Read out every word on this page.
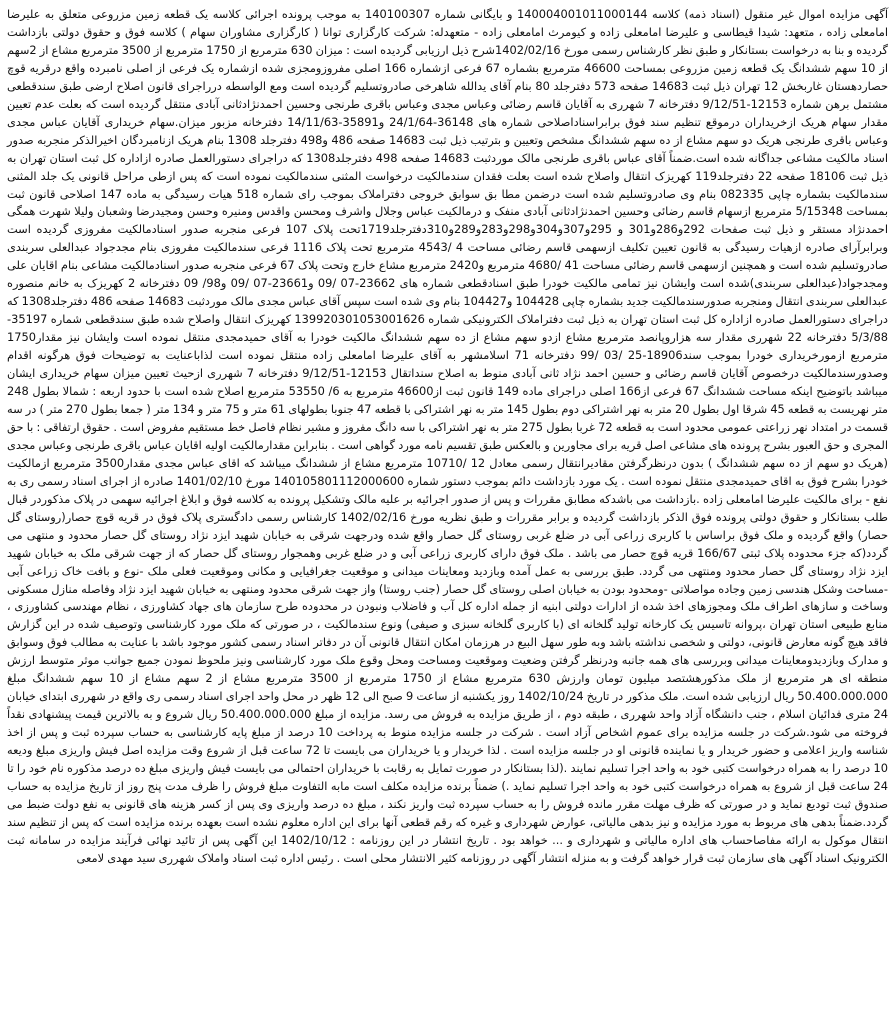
آگهی مزایده اموال غیر منقول (اسناد ذمه) کلاسه 140004001011000144 و بایگانی شماره 140100307 به موجب پرونده اجرائی کلاسه یک قطعه زمین مزروعی متعلق به علیرضا امامعلی زاده ، متعهد: شیدا قیطاسی و علیرضا امامعلی زاده و کیومرث امامعلی زاده - متعهدله: شرکت کارگزاری توانا ( کارگزاری مشاوران سهام ) کلاسه فوق و حقوق دولتی بازداشت گردیده و بنا به درخواست بستانکار و طبق نظر کارشناس رسمی مورخ 1402/02/16شرح ذیل ارزیابی گردیده است : میزان 630 مترمربع از 1750 مترمربع از 3500 مترمربع مشاع از 2سهم از 10 سهم ششدانگ یک قطعه زمین مزروعی بمساحت 46600 مترمربع بشماره 67 فرعی ازشماره 166 اصلی مفروزومجزی شده ازشماره یک فرعی از اصلی نامبرده واقع درقریه قوچ حصاردهستان غاربخش 12 تهران ذیل ثبت 14683 صفحه 573 دفترجلد 80 بنام آقای یدالله شاهرخی صادروتسلیم گردیده است ومع الواسطه درراجرای قانون اصلاح ارضی طبق سندقطعی مشتمل برهن شماره 12153-9/12/51 دفترخانه 7 شهرری به آقایان قاسم رضائی وعباس مجدی وعباس باقری طرنجی وحسین احمدنژادثانی آبادی منتقل گردیده است که بعلت عدم تعیین مقدار سهام هریک ازخریداران درموقع تنظیم سند فوق برابراسناداصلاحی شماره های 36148-24/1/64 و35891-14/11/63 دفترخانه مزبور میزان.سهام خریداری آقایان عباس مجدی وعباس باقری طرنجی هریک دو سهم مشاع از ده سهم ششدانگ مشخص وتعیین و بترتیب ذیل ثبت 14683 صفحه 486 و498 دفترجلد 1308 بنام هریک ازنامبردگان اخیرالذکر منجربه صدور اسناد مالکیت مشاعی جداگانه شده است.ضمناً آقای عباس باقری طرنجی مالک موردثبت 14683 صفحه 498 دفترجلد1308 که دراجرای دستورالعمل صادره ازاداره کل ثبت استان تهران به ذیل ثبت 18106 صفحه 22 دفترجلد119 کهریزک انتقال واصلاح شده است بعلت فقدان سندمالکیت درخواست المثنی سندمالکیت نموده است که پس ازطی مراحل قانونی یک جلد المثنی سندمالکیت بشماره چاپی 082335 بنام وی صادروتسلیم شده است درضمن مطا بق سوابق خروجی دفتراملاک بموجب رای شماره 518 هیات رسیدگی به ماده 147 اصلاحی قانون ثبت بمساحت 5/15348 مترمربع ازسهام قاسم رضائی وحسین احمدنژادثانی آبادی منفک و درمالکیت عباس وجلال واشرف ومحسن واقدس ومنیره وحسن ومجیدرضا وشعبان ولیلا شهرت همگی احمدنژاد مستقر و ذیل ثبت صفحات 292و286و301 و 295و307و304و298و283و289و310دفترجلد1719تحت پلاک 107 فرعی منجربه صدور اسنادمالکیت مفروزی گردیده است وبرابرآرای صادره ازهیات رسیدگی به قانون تعیین تکلیف ازسهمی قاسم رضائی مساحت 4 /4543 مترمربع تحت پلاک 1116 فرعی سندمالکیت مفروزی بنام مجدجواد عبدالعلی سربندی صادروتسلیم شده است و همچنین ازسهمی قاسم رضائی مساحت 41 /4680 مترمربع و2420 مترمربع مشاع خارج وتحت پلاک 67 فرعی منجربه صدور اسنادمالکیت مشاعی بنام اقایان علی ومجدجواد(عبدالعلی سربندی)شده است وایشان نیز تمامی مالکیت خودرا طبق اسنادقطعی شماره های 23662-07 /09 و23661-07 /09 و98/ 09 دفترخانه 2 کهریزک به خانم منصوره عبدالعلی سربندی انتقال ومنجربه صدورسندمالکیت جدید بشماره چاپی 104428 و104427 بنام وی شده است سپس آقای عباس مجدی مالک موردثبت 14683 صفحه 486 دفترجلد1308 که دراجرای دستورالعمل صادره ازاداره کل ثبت استان تهران به ذیل ثبت دفتراملاک الکترونیکی شماره 139920301053001626 کهریزک انتقال واصلاح شده طبق سندقطعی شماره 35197-5/3/88 دفترخانه 22 شهرری مقدار سه هزاروپانصد مترمربع مشاع ازدو سهم مشاع از ده سهم ششدانگ مالکیت خودرا به آقای حمیدمجدی منتقل نموده است وایشان نیز مقدار1750 مترمربع ازمورخریداری خودرا بموجب سند18906-25 /03 /99 دفترخانه 71 اسلامشهر به آقای علیرضا امامعلی زاده منتقل نموده است لذاباعنایت به توضیحات فوق هرگونه اقدام وصدورسندمالکیت درخصوص آقایان قاسم رضائی و حسین احمد نژاد ثانی آبادی منوط به اصلاح سنداتقال 12153-9/12/51 دفترخانه 7 شهرری ازحیث تعیین میزان سهام خریداری ایشان میباشد باتوضیح اینکه مساحت ششدانگ 67 فرعی از166 اصلی دراجرای ماده 149 قانون ثبت از46600 مترمربع به 6/ 53550 مترمربع اصلاح شده است با حدود اربعه : شمالا بطول 248 متر نهریست به قطعه 45 شرقا اول بطول 20 متر به نهر اشتراکی دوم بطول 145 متر به نهر اشتراکی با قطعه 47 جنوبا بطولهای 61 متر و 75 متر و 134 متر ( جمعا بطول 270 متر ) در سه قسمت در امتداد نهر زراعتی عمومی محدود است به قطعه 72 غربا بطول 275 متر به نهر اشتراکی با سه دانگ مفروز و مشیر نظام فاصل خط مستقیم مفروض است . حقوق ارتفاقی : با حق المجری و حق العبور بشرح پرونده های مشاعی اصل قریه برای مجاورین و بالعکس طبق تقسیم نامه مورد گواهی است . بنابراین مقدارمالکیت اولیه اقایان عباس باقری طرنجی وعباس مجدی (هریک دو سهم از ده سهم ششدانگ ) بدون درنظرگرفتن مقادیرانتقال رسمی معادل 12 /10710 مترمربع مشاع از ششدانگ میباشد که اقای عباس مجدی مقدار3500 مترمربع ازمالکیت خودرا بشرح فوق به اقای حمیدمجدی منتقل نموده است . یک مورد بازداشت دائم بموجب دستور شماره 140105801112000600 مورخ 1401/02/10 صادره از اجرای اسناد رسمی ری به نفع - برای مالکیت علیرضا امامعلی زاده .بازداشت می باشدکه مطابق مقررات و پس از صدور اجرائیه بر علیه مالک وتشکیل پرونده به کلاسه فوق و ابلاغ اجرائیه سهمی در پلاک مذکوردر قبال طلب بستانکار و حقوق دولتی پرونده فوق الذکر بازداشت گردیده و برابر مقررات و طبق نظریه مورخ 1402/02/16 کارشناس رسمی دادگستری پلاک فوق در قریه قوچ حصار(روستای گل حصار) واقع گردیده و ملک فوق براساس با کاربری زراعی آبی در ضلع غربی روستای گل حصار واقع شده ودرجهت شرقی به خیابان شهید ایزد نژاد روستای گل حصار محدود و منتهی می گردد(که جزء محدوده پلاک ثبتی 166/67 قریه قوچ حصار می باشد . ملک فوق دارای کاربری زراعی آبی و در ضلع غربی وهمجوار روستای گل حصار که از جهت شرقی ملک به خیابان شهید ایزد نژاد روستای گل حصار محدود ومنتهی می گردد. طبق بررسی به عمل آمده وبازدید ومعاینات میدانی و موقعیت جغرافیایی و مکانی وموقعیت فعلی ملک -نوع و بافت خاک زراعی آبی -مساحت وشکل هندسی زمین وجاده مواصلاتی -ومحدود بودن به خیابان اصلی روستای گل حصار (جنب روستا) واز جهت شرقی محدود ومنتهی به خیابان شهید ایزد نژاد وفاصله منازل مسکونی وساخت و سازهای اطراف ملک ومجوزهای اخذ شده از ادارات دولتی ابنیه از جمله اداره کل آب و فاضلاب ونبودن در محدوده طرح سازمان های جهاد کشاورزی ، نظام مهندسی کشاورزی ، منابع طبیعی استان تهران ،پروانه تاسیس یک کارخانه تولید گلخانه ای (با کاربری گلخانه سبزی و صیفی) ونوع سندمالکیت ، در صورتی که ملک مورد کارشناسی وتوصیف شده در این گزارش فاقد هیچ گونه معارض قانونی، دولتی و شخصی نداشته باشد وبه طور سهل البیع در هرزمان امکان انتقال قانونی آن در دفاتر اسناد رسمی کشور موجود باشد با عنایت به مطالب فوق وسوابق و مدارک وبازدیدومعاینات میدانی وبررسی های همه جانبه ودرنظر گرفتن وضعیت وموقعیت ومساحت ومحل وقوع ملک مورد کارشناسی ونیز ملحوظ نمودن جمیع جوانب موثر متوسط ارزش منطقه ای هر مترمربع از ملک مذکورهشتصد میلیون تومان وارزش 630 مترمربع مشاع از 1750 مترمربع از 3500 مترمربع مشاع از 2 سهم مشاع از 10 سهم ششدانگ مبلغ 50.400.000.000 ریال ارزیابی شده است. ملک مذکور در تاریخ 1402/10/24 روز یکشنبه از ساعت 9 صبح الی 12 ظهر در محل واحد اجرای اسناد رسمی ری واقع در شهرری ابتدای خیابان 24 متری فدائیان اسلام ، جنب دانشگاه آزاد واحد شهرری ، طبقه دوم ، از طریق مزایده به فروش می رسد. مزایده از مبلغ 50.400.000.000 ریال شروع و به بالاترین قیمت پیشنهادی نقداً فروخته می شود.شرکت در جلسه مزایده برای عموم اشخاص آزاد است . شرکت در جلسه مزایده منوط به پرداخت 10 درصد از مبلغ پایه کارشناسی به حساب سپرده ثبت و پس از اخذ شناسه واریز اعلامی و حضور خریدار و یا نماینده قانونی او در جلسه مزایده است . لذا خریدار و یا خریداران می بایست تا 72 ساعت قبل از شروع وقت مزایده اصل فیش واریزی مبلغ ودیعه 10 درصد را به همراه درخواست کتبی خود به واحد اجرا تسلیم نمایند .(لذا بستانکار در صورت تمایل به رقابت با خریداران احتمالی می بایست فیش واریزی مبلغ ده درصد مذکوره نام خود را تا 24 ساعت قبل از شروع به همراه درخواست کتبی خود به واحد اجرا تسلیم نماید .) ضمناً برنده مزایده مکلف است مابه التفاوت مبلغ فروش را ظرف مدت پنج روز از تاریخ مزایده به حساب صندوق ثبت تودیع نماید و در صورتی که ظرف مهلت مقرر مانده فروش را به حساب سپرده ثبت واریز نکند ، مبلغ ده درصد واریزی وی پس از کسر هزینه های قانونی به نفع دولت ضبط می گردد.ضمناً بدهی های مربوط به مورد مزایده و نیز بدهی مالیاتی، عوارض شهرداری و غیره که رقم قطعی آنها برای این اداره معلوم نشده است بعهده برنده مزایده است که پس از تنظیم سند انتقال موکول به ارائه مفاصاحساب های اداره مالیاتی و شهرداری و ... خواهد بود . تاریخ انتشار در این روزنامه : 1402/10/12 این آگهی پس از تائید نهائی فرآیند مزایده در سامانه ثبت الکترونیک اسناد آگهی های سازمان ثبت قرار خواهد گرفت و به منزله انتشار آگهی در روزنامه کثیر الانتشار محلی است . رئیس اداره ثبت اسناد واملاک شهرری سید مهدی لامعی
